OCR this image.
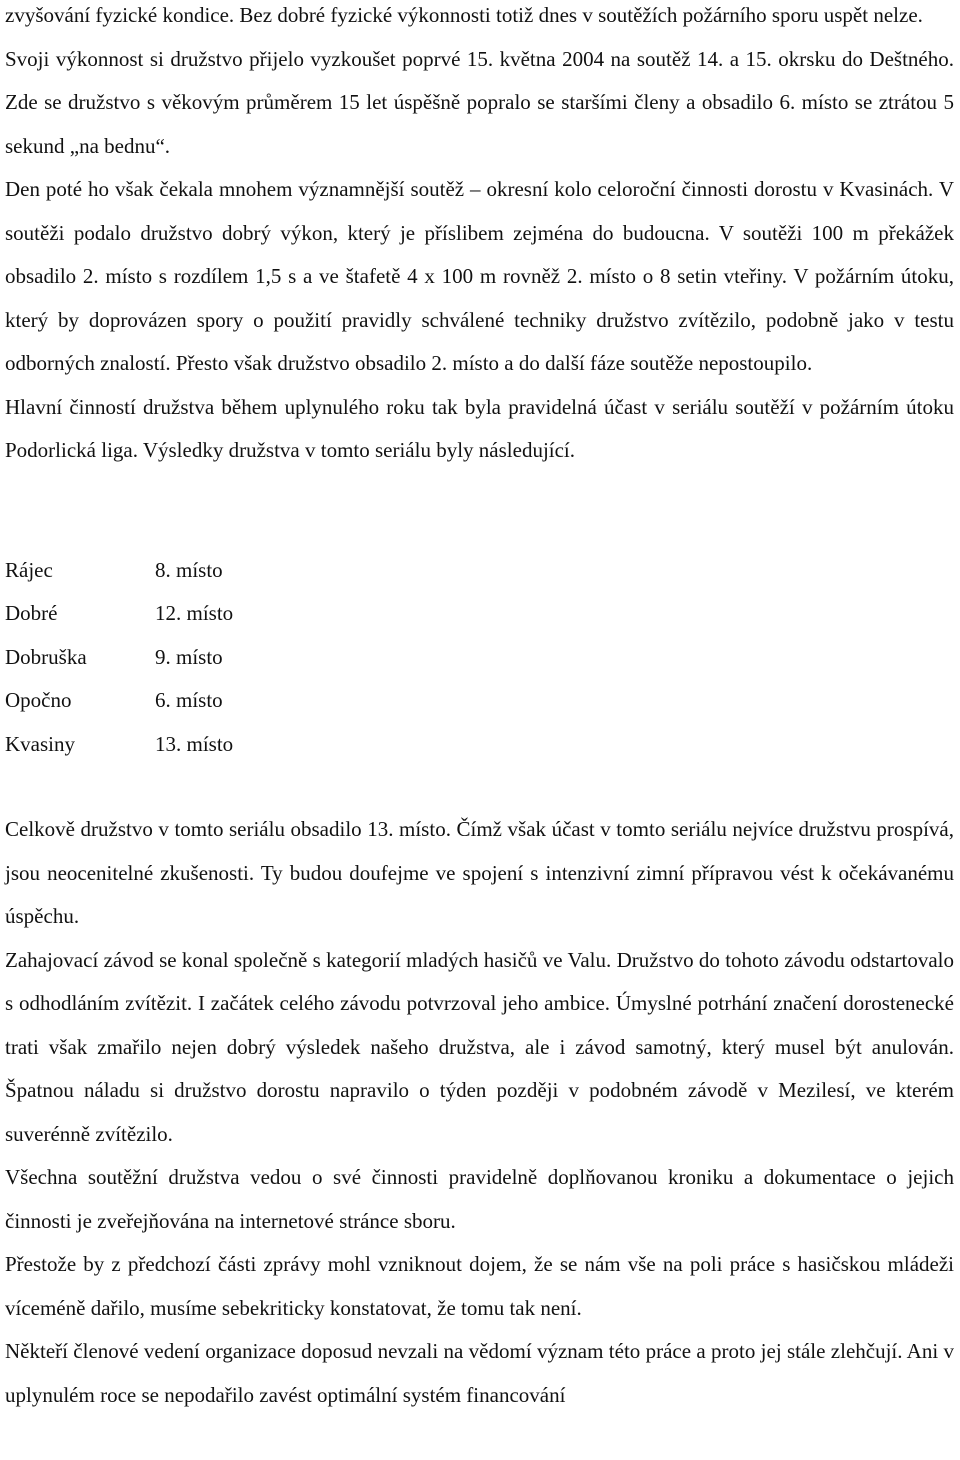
zvyšování fyzické kondice. Bez dobré fyzické výkonnosti totiž dnes v soutěžích požárního sporu uspět nelze.

Svoji výkonnost si družstvo přijelo vyzkoušet poprvé 15. května 2004 na soutěž 14. a 15. okrsku do Deštného. Zde se družstvo s věkovým průměrem 15 let úspěšně popralo se staršími členy a obsadilo 6. místo se ztrátou 5 sekund „na bednu“.

Den poté ho však čekala mnohem významnější soutěž – okresní kolo celoroční činnosti dorostu v Kvasinách. V soutěži podalo družstvo dobrý výkon, který je příslibem zejména do budoucna. V soutěži 100 m překážek obsadilo 2. místo s rozdílem 1,5 s a ve štafetě 4 x 100 m rovněž 2. místo o 8 setin vteřiny. V požárním útoku, který by doprovázen spory o použití pravidly schválené techniky družstvo zvítězilo, podobně jako v testu odborných znalostí. Přesto však družstvo obsadilo 2. místo a do další fáze soutěže nepostoupilo.

Hlavní činností družstva během uplynulého roku tak byla pravidelná účast v seriálu soutěží v požárním útoku Podorlická liga. Výsledky družstva v tomto seriálu byly následující.

Rájec	8. místo
Dobré	12. místo
Dobruška	9. místo
Opočno	6. místo
Kvasiny	13. místo

Celkově družstvo v tomto seriálu obsadilo 13. místo. Čímž však účast v tomto seriálu nejvíce družstvu prospívá, jsou neocenitelné zkušenosti. Ty budou doufejme ve spojení s intenzivní zimní přípravou vést k očekávanému úspěchu.

Zahajovací závod se konal společně s kategorií mladých hasičů ve Valu. Družstvo do tohoto závodu odstartovalo s odhodláním zvítězit. I začátek celého závodu potvrzoval jeho ambice. Úmyslné potrhání značení dorostenecké trati však zmařilo nejen dobrý výsledek našeho družstva, ale i závod samotný, který musel být anulován. Špatnou náladu si družstvo dorostu napravilo o týden později v podobném závodě v Mezilesí, ve kterém suverénně zvítězilo.

Všechna soutěžní družstva vedou o své činnosti pravidelně doplňovanou kroniku a dokumentace o jejich činnosti je zveřejňována na internetové stránce sboru.

Přestože by z předchozí části zprávy mohl vzniknout dojem, že se nám vše na poli práce s hasičskou mládeži víceméně dařilo, musíme sebekriticky konstatovat, že tomu tak není.

Někteří členové vedení organizace doposud nevzali na vědomí význam této práce a proto jej stále zlehčují. Ani v uplynulém roce se nepodařilo zavést optimální systém financování
